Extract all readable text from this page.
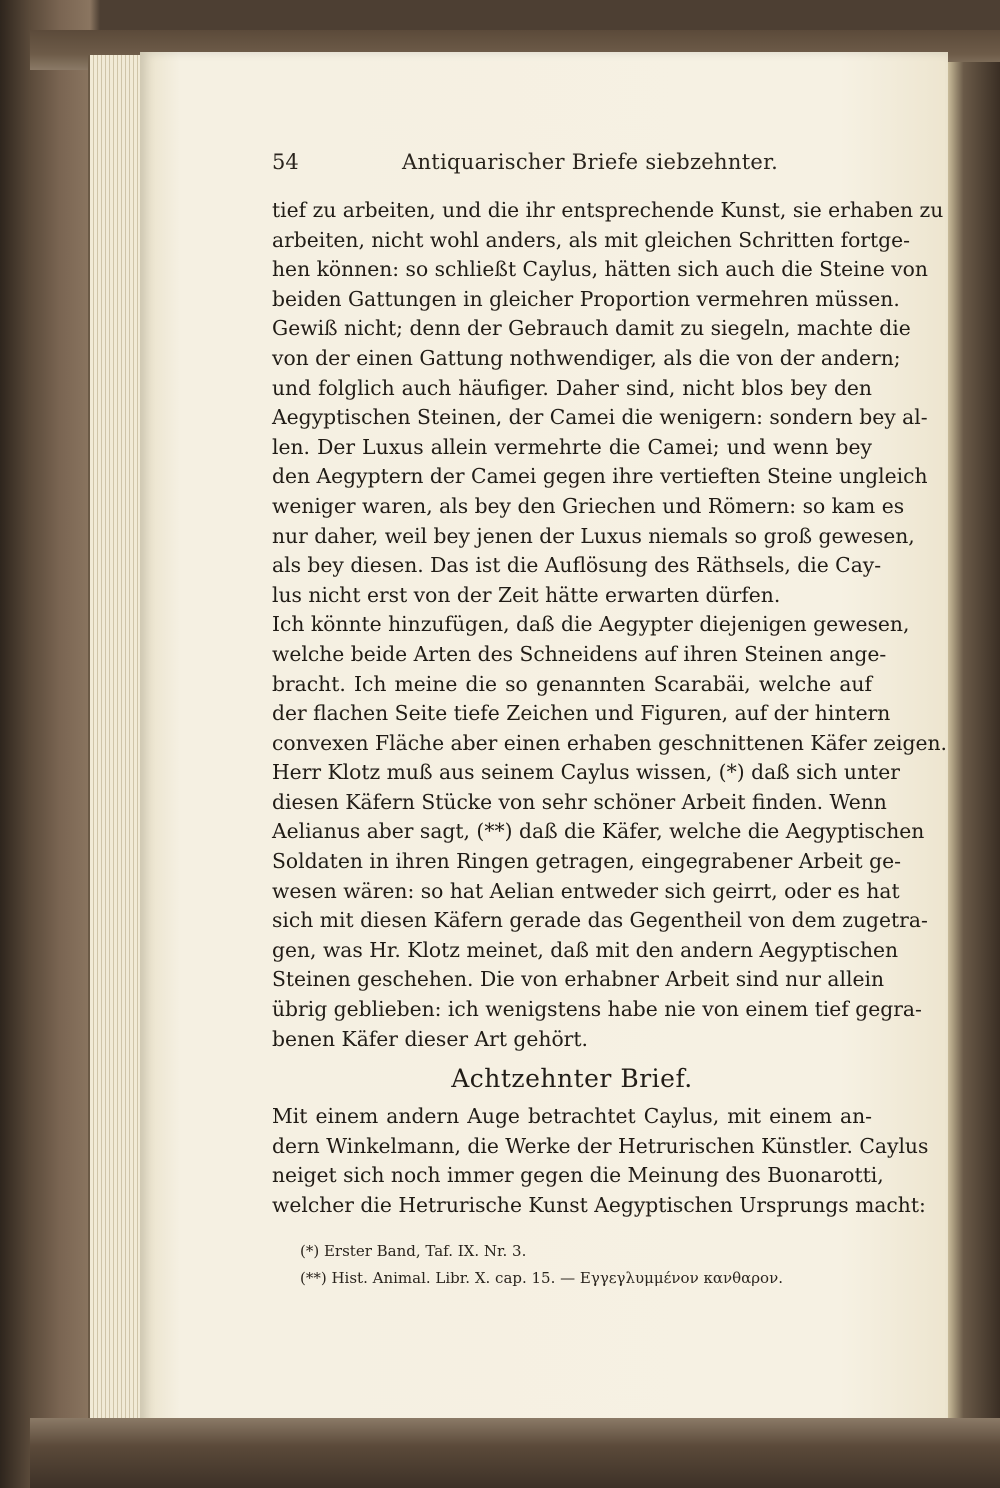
54	Antiquarischer Briefe siebzehnter.
tief zu arbeiten, und die ihr entsprechende Kunst, sie erhaben zu
arbeiten, nicht wohl anders, als mit gleichen Schritten fortge-
hen können: so schließt Caylus, hätten sich auch die Steine von
beiden Gattungen in gleicher Proportion vermehren müssen.
Gewiß nicht; denn der Gebrauch damit zu siegeln, machte die
von der einen Gattung nothwendiger, als die von der andern;
und folglich auch häufiger. Daher sind, nicht blos bey den
Aegyptischen Steinen, der Camei die wenigern: sondern bey al-
len. Der Luxus allein vermehrte die Camei; und wenn bey
den Aegyptern der Camei gegen ihre vertieften Steine ungleich
weniger waren, als bey den Griechen und Römern: so kam es
nur daher, weil bey jenen der Luxus niemals so groß gewesen,
als bey diesen. Das ist die Auflösung des Räthsels, die Cay-
lus nicht erst von der Zeit hätte erwarten dürfen.
Ich könnte hinzufügen, daß die Aegypter diejenigen gewesen,
welche beide Arten des Schneidens auf ihren Steinen ange-
bracht. Ich meine die so genannten Scarabäi, welche auf
der flachen Seite tiefe Zeichen und Figuren, auf der hintern
convexen Fläche aber einen erhaben geschnittenen Käfer zeigen.
Herr Klotz muß aus seinem Caylus wissen, (*) daß sich unter
diesen Käfern Stücke von sehr schöner Arbeit finden. Wenn
Aelianus aber sagt, (**) daß die Käfer, welche die Aegyptischen
Soldaten in ihren Ringen getragen, eingegrabener Arbeit ge-
wesen wären: so hat Aelian entweder sich geirrt, oder es hat
sich mit diesen Käfern gerade das Gegentheil von dem zugetra-
gen, was Hr. Klotz meinet, daß mit den andern Aegyptischen
Steinen geschehen. Die von erhabner Arbeit sind nur allein
übrig geblieben: ich wenigstens habe nie von einem tief gegra-
benen Käfer dieser Art gehört.
Achtzehnter Brief.
Mit einem andern Auge betrachtet Caylus, mit einem an-
dern Winkelmann, die Werke der Hetrurischen Künstler. Caylus
neiget sich noch immer gegen die Meinung des Buonarotti,
welcher die Hetrurische Kunst Aegyptischen Ursprungs macht:
(*) Erster Band, Taf. IX. Nr. 3.
(**) Hist. Animal. Libr. X. cap. 15. — Εγγεγλυμμένον κανθαρον.
